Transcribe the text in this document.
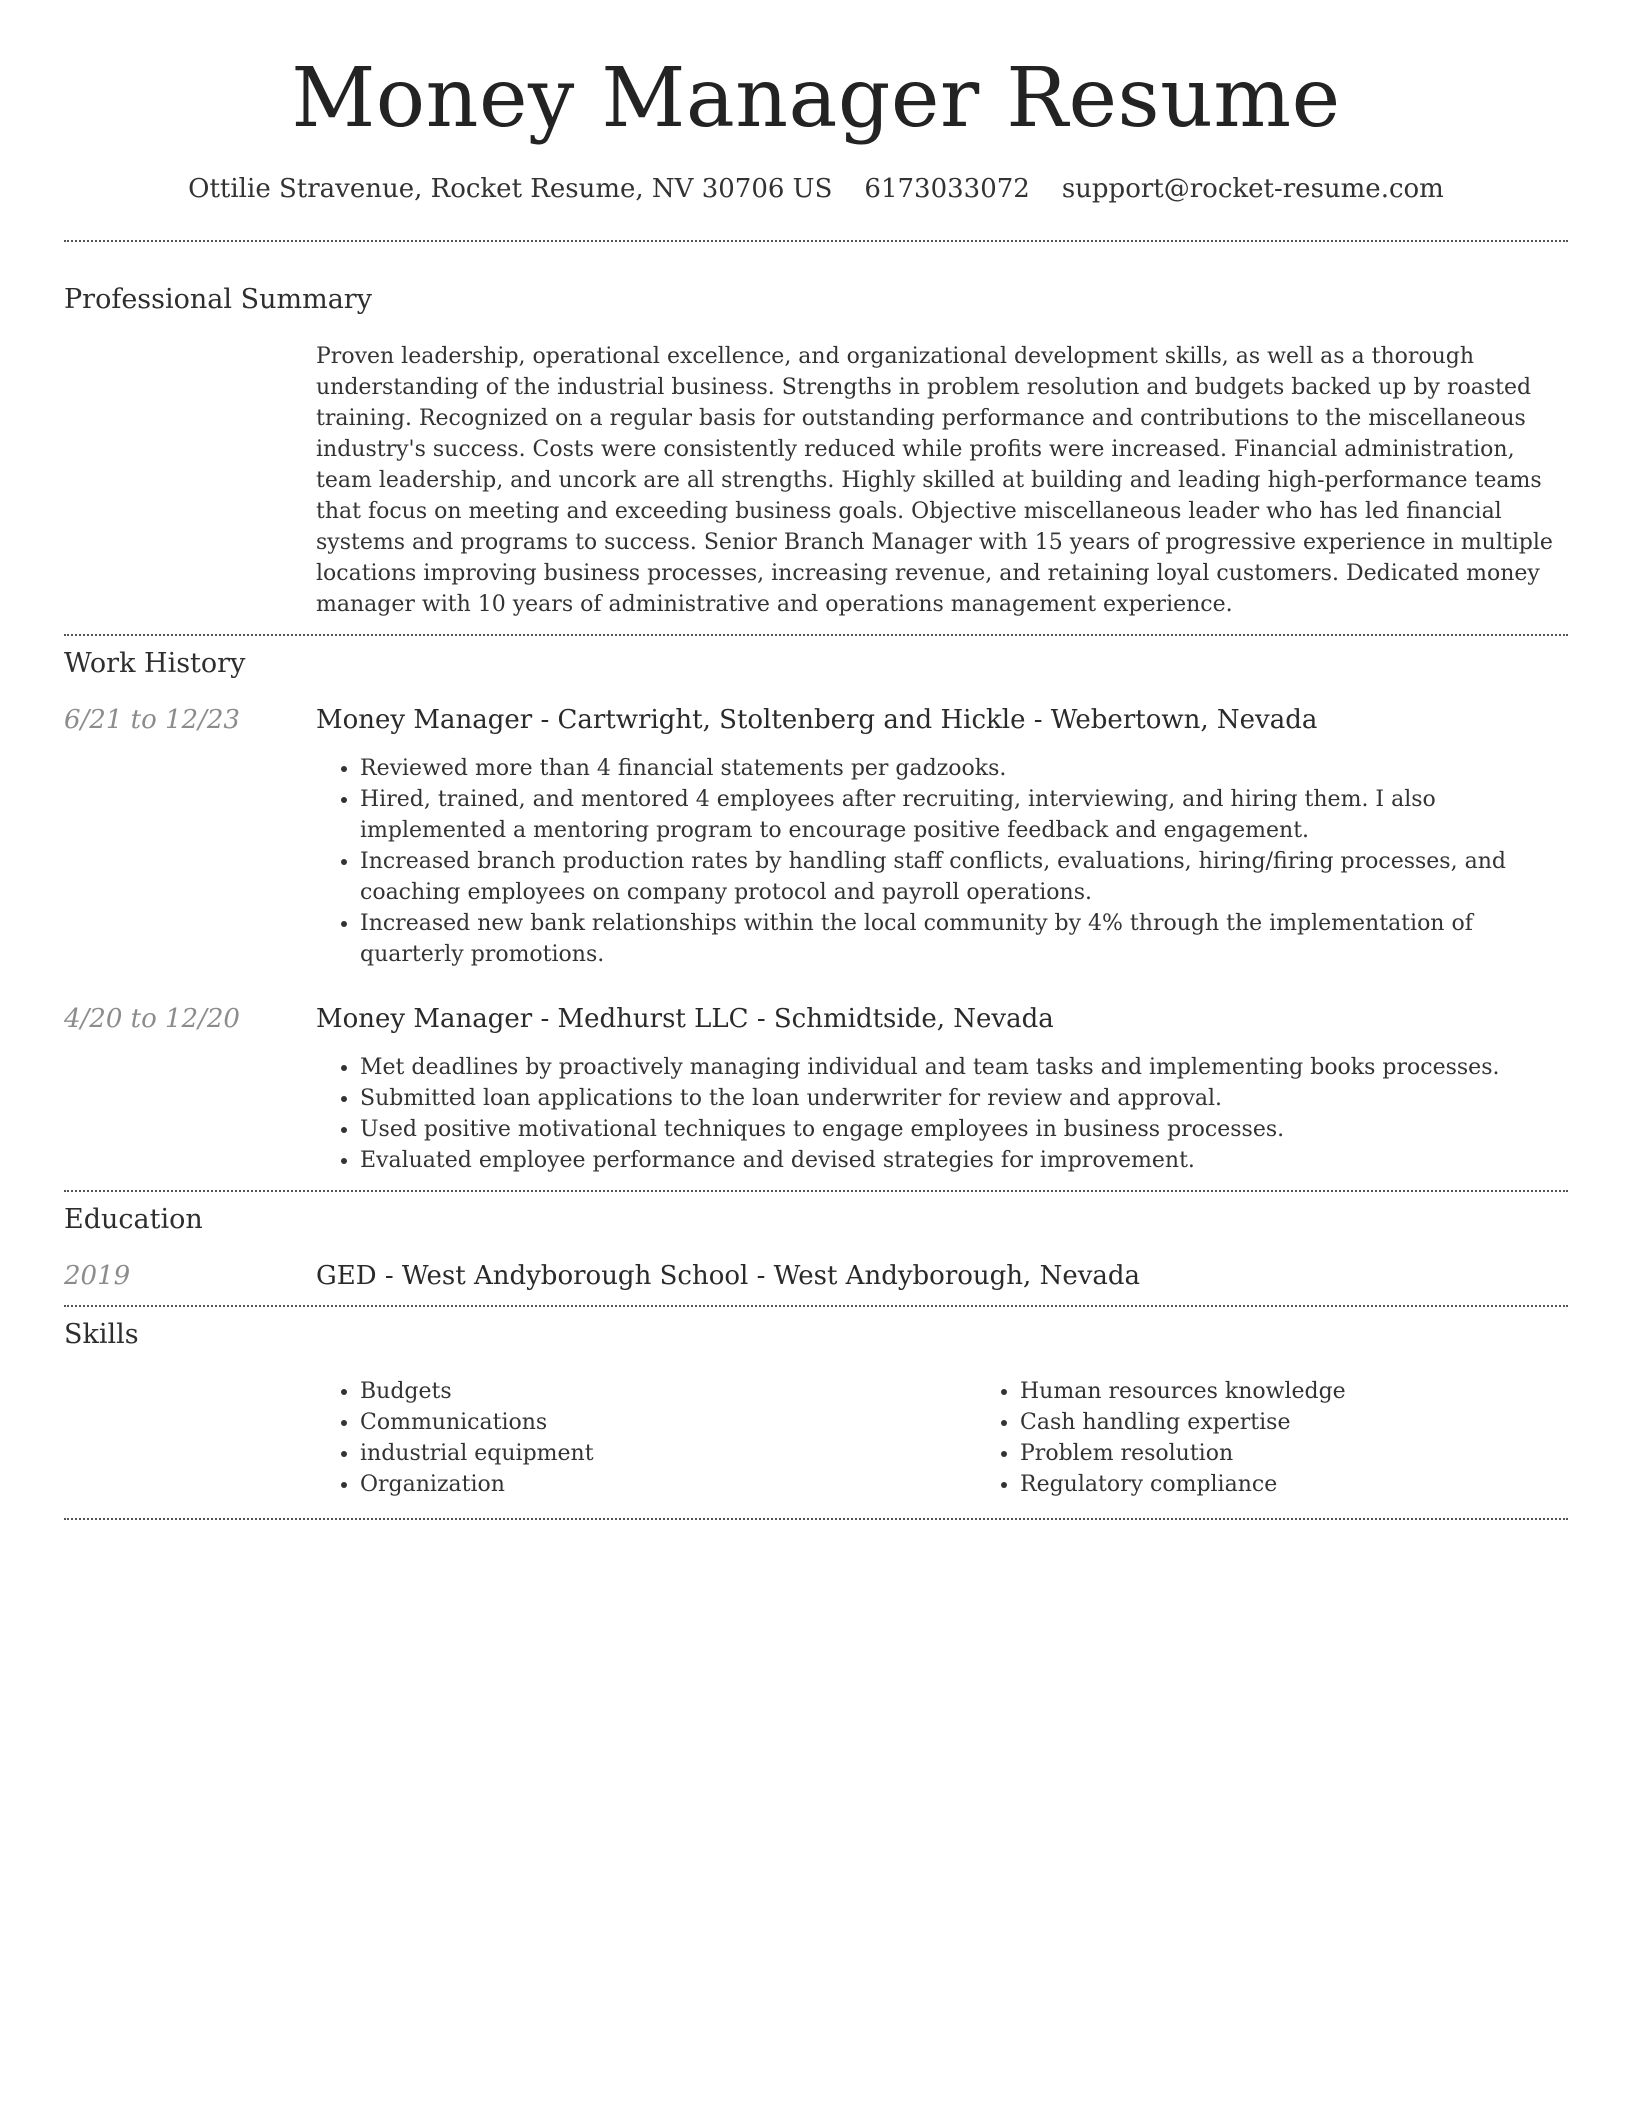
Money Manager Resume
Ottilie Stravenue, Rocket Resume, NV 30706 US 6173033072 support@rocket-resume.com
Professional Summary

Proven leadership, operational excellence, and organizational development skills, as well as a thorough understanding of the industrial business. Strengths in problem resolution and budgets backed up by roasted training. Recognized on a regular basis for outstanding performance and contributions to the miscellaneous industry's success. Costs were consistently reduced while profits were increased. Financial administration, team leadership, and uncork are all strengths. Highly skilled at building and leading high-performance teams that focus on meeting and exceeding business goals. Objective miscellaneous leader who has led financial systems and programs to success. Senior Branch Manager with 15 years of progressive experience in multiple locations improving business processes, increasing revenue, and retaining loyal customers. Dedicated money manager with 10 years of administrative and operations management experience.

Work History
6/21 to 12/23	Money Manager - Cartwright, Stoltenberg and Hickle - Webertown, Nevada
• Reviewed more than 4 financial statements per gadzooks.
• Hired, trained, and mentored 4 employees after recruiting, interviewing, and hiring them. I also implemented a mentoring program to encourage positive feedback and engagement.
• Increased branch production rates by handling staff conflicts, evaluations, hiring/firing processes, and coaching employees on company protocol and payroll operations.
• Increased new bank relationships within the local community by 4% through the implementation of quarterly promotions.
4/20 to 12/20	Money Manager - Medhurst LLC - Schmidtside, Nevada
• Met deadlines by proactively managing individual and team tasks and implementing books processes.
• Submitted loan applications to the loan underwriter for review and approval.
• Used positive motivational techniques to engage employees in business processes.
• Evaluated employee performance and devised strategies for improvement.
Education
2019	GED - West Andyborough School - West Andyborough, Nevada
Skills
• Budgets
• Communications
• industrial equipment
• Organization
• Human resources knowledge
• Cash handling expertise
• Problem resolution
• Regulatory compliance
